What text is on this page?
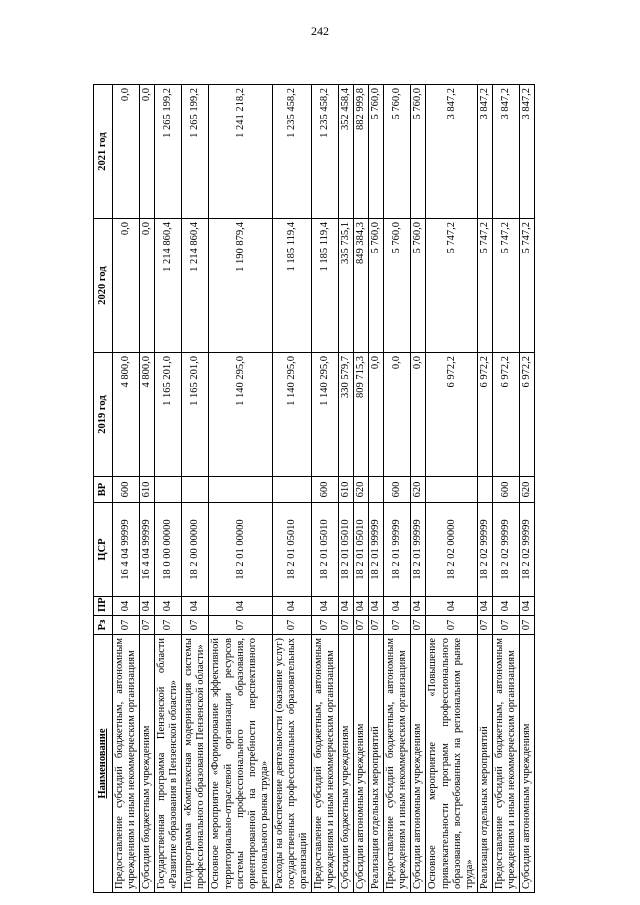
242
Наименование	Рз	ПР	ЦСР	ВР	2019 год	2020 год	2021 год
Предоставление субсидий бюджетным, автономным учреждениям и иным некоммерческим организациям	07	04	16 4 04 99999	600	4 800,0	0,0	0,0
Субсидии бюджетным учреждениям	07	04	16 4 04 99999	610	4 800,0	0,0	0,0
Государственная программа Пензенской области «Развитие образования в Пензенской области»	07	04	18 0 00 00000		1 165 201,0	1 214 860,4	1 265 199,2
Подпрограмма «Комплексная модернизация системы профессионального образования Пензенской области»	07	04	18 2 00 00000		1 165 201,0	1 214 860,4	1 265 199,2
Основное мероприятие «Формирование эффективной территориально-отраслевой организации ресурсов системы профессионального образования, ориентированной на потребности перспективного регионального рынка труда»	07	04	18 2 01 00000		1 140 295,0	1 190 879,4	1 241 218,2
Расходы на обеспечение деятельности (оказание услуг) государственных профессиональных образовательных организаций	07	04	18 2 01 05010		1 140 295,0	1 185 119,4	1 235 458,2
Предоставление субсидий бюджетным, автономным учреждениям и иным некоммерческим организациям	07	04	18 2 01 05010	600	1 140 295,0	1 185 119,4	1 235 458,2
Субсидии бюджетным учреждениям	07	04	18 2 01 05010	610	330 579,7	335 735,1	352 458,4
Субсидии автономным учреждениям	07	04	18 2 01 05010	620	809 715,3	849 384,3	882 999,8
Реализация отдельных мероприятий	07	04	18 2 01 99999		0,0	5 760,0	5 760,0
Предоставление субсидий бюджетным, автономным учреждениям и иным некоммерческим организациям	07	04	18 2 01 99999	600	0,0	5 760,0	5 760,0
Субсидии автономным учреждениям	07	04	18 2 01 99999	620	0,0	5 760,0	5 760,0
Основное мероприятие «Повышение привлекательности программ профессионального образования, востребованных на региональном рынке труда»	07	04	18 2 02 00000		6 972,2	5 747,2	3 847,2
Реализация отдельных мероприятий	07	04	18 2 02 99999		6 972,2	5 747,2	3 847,2
Предоставление субсидий бюджетным, автономным учреждениям и иным некоммерческим организациям	07	04	18 2 02 99999	600	6 972,2	5 747,2	3 847,2
Субсидии автономным учреждениям	07	04	18 2 02 99999	620	6 972,2	5 747,2	3 847,2
